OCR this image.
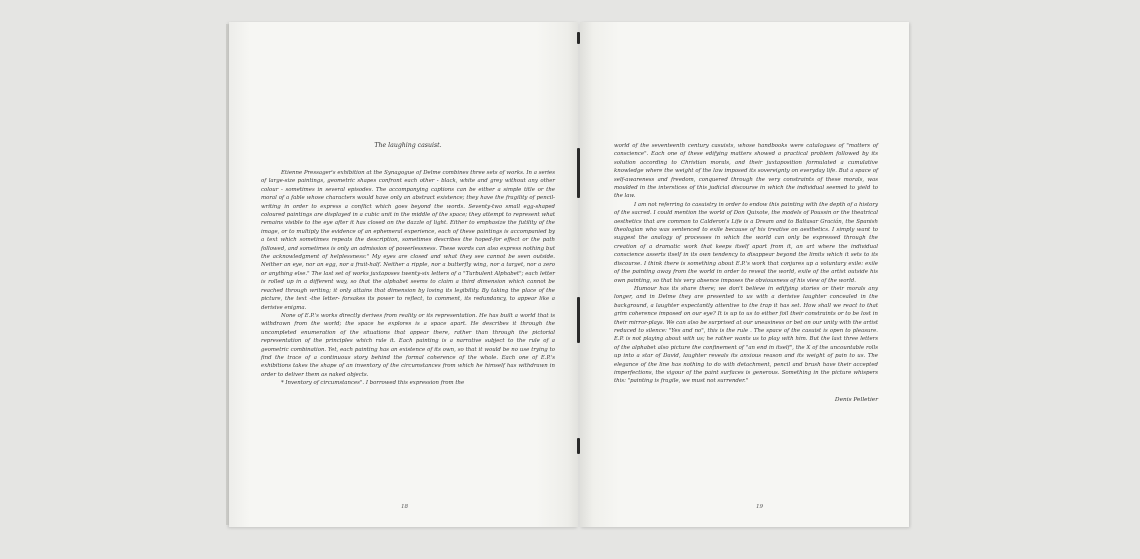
The laughing casuist.

Etienne Pressager's exhibition at the Synagogue of Delme combines three sets of works. In a series of large-size paintings, geometric shapes confront each other - black, white and grey without any other colour - sometimes in several episodes. The accompanying captions can be either a simple title or the moral of a fable whose characters would have only an abstract existence; they have the fragility of pencil-writing in order to express a conflict which goes beyond the words. Seventy-two small egg-shaped coloured paintings are displayed in a cubic unit in the middle of the space; they attempt to represent what remains visible to the eye after it has closed on the dazzle of light. Either to emphasize the futility of the image, or to multiply the evidence of an ephemeral experience, each of these paintings is accompanied by a text which sometimes repeats the description, sometimes describes the hoped-for effect or the path followed, and sometimes is only an admission of powerlessness. These words can also express nothing but the acknowledgment of helplessness:" My eyes are closed and what they see cannot be seen outside. Neither an eye, nor an egg, nor a fruit-half. Neither a ripple, nor a butterfly wing, nor a target, nor a zero or anything else." The last set of works juxtaposes twenty-six letters of a "Turbulent Alphabet"; each letter is rolled up in a different way, so that the alphabet seems to claim a third dimension which cannot be reached through writing; it only attains that dimension by losing its legibility. By taking the place of the picture, the text -the letter- forsakes its power to reflect, to comment, its redundancy, to appear like a derisive enigma.

None of E.P.'s works directly derives from reality or its representation. He has built a world that is withdrawn from the world; the space he explores is a space apart. He describes it through the uncompleted enumeration of the situations that appear there, rather than through the pictorial representation of the principles which rule it. Each painting is a narrative subject to the rule of a geometric combination. Yet, each painting has an existence of its own, so that it would be no use trying to find the trace of a continuous story behind the formal coherence of the whole. Each one of E.P.'s exhibitions takes the shape of an inventory of the circumstances from which he himself has withdrawn in order to deliver them as naked objects.

* Inventory of circumstances". I borrowed this expression from the

18

world of the seventeenth century casuists, whose handbooks were catalogues of "matters of conscience". Each one of these edifying matters showed a practical problem followed by its solution according to Christian morals, and their juxtaposition formulated a cumulative knowledge where the weight of the law imposed its sovereignty on everyday life. But a space of self-awareness and freedom, conquered through the very constraints of these morals, was moulded in the interstices of this judicial discourse in which the individual seemed to yield to the law.

I am not referring to casuistry in order to endow this painting with the depth of a history of the sacred. I could mention the world of Don Quixote, the models of Poussin or the theatrical aesthetics that are common to Calderon's Life is a Dream and to Baltasar Gracián, the Spanish theologian who was sentenced to exile because of his treatise on aesthetics. I simply want to suggest the analogy of processes in which the world can only be expressed through the creation of a dramatic work that keeps itself apart from it, an art where the individual conscience asserts itself in its own tendency to disappear beyond the limits which it sets to its discourse. I think there is something about E.P.'s work that conjures up a voluntary exile: exile of the painting away from the world in order to reveal the world, exile of the artist outside his own painting, so that his very absence imposes the obviousness of his view of the world.

Humour has its share there; we don't believe in edifying stories or their morals any longer, and in Delme they are presented to us with a derisive laughter concealed in the background, a laughter expectantly attentive to the trap it has set. How shall we react to that grim coherence imposed on our eye? It is up to us to either foil their constraints or to be lost in their mirror-plays. We can also be surprised at our uneasiness or bet on our unity with the artist reduced to silence: "Yes and no", this is the rule . The space of the casuist is open to pleasure. E.P. is not playing about with us; he rather wants us to play with him. But the last three letters of the alphabet also picture the confinement of "an end in itself", the X of the uncountable rolls up into a star of David, laughter reveals its anxious reason and its weight of pain to us. The elegance of the line has nothing to do with detachment, pencil and brush have their accepted imperfections, the vigour of the paint surfaces is generous. Something in the picture whispers this: "painting is fragile, we must not surrender."

Denis Pelletier
19
